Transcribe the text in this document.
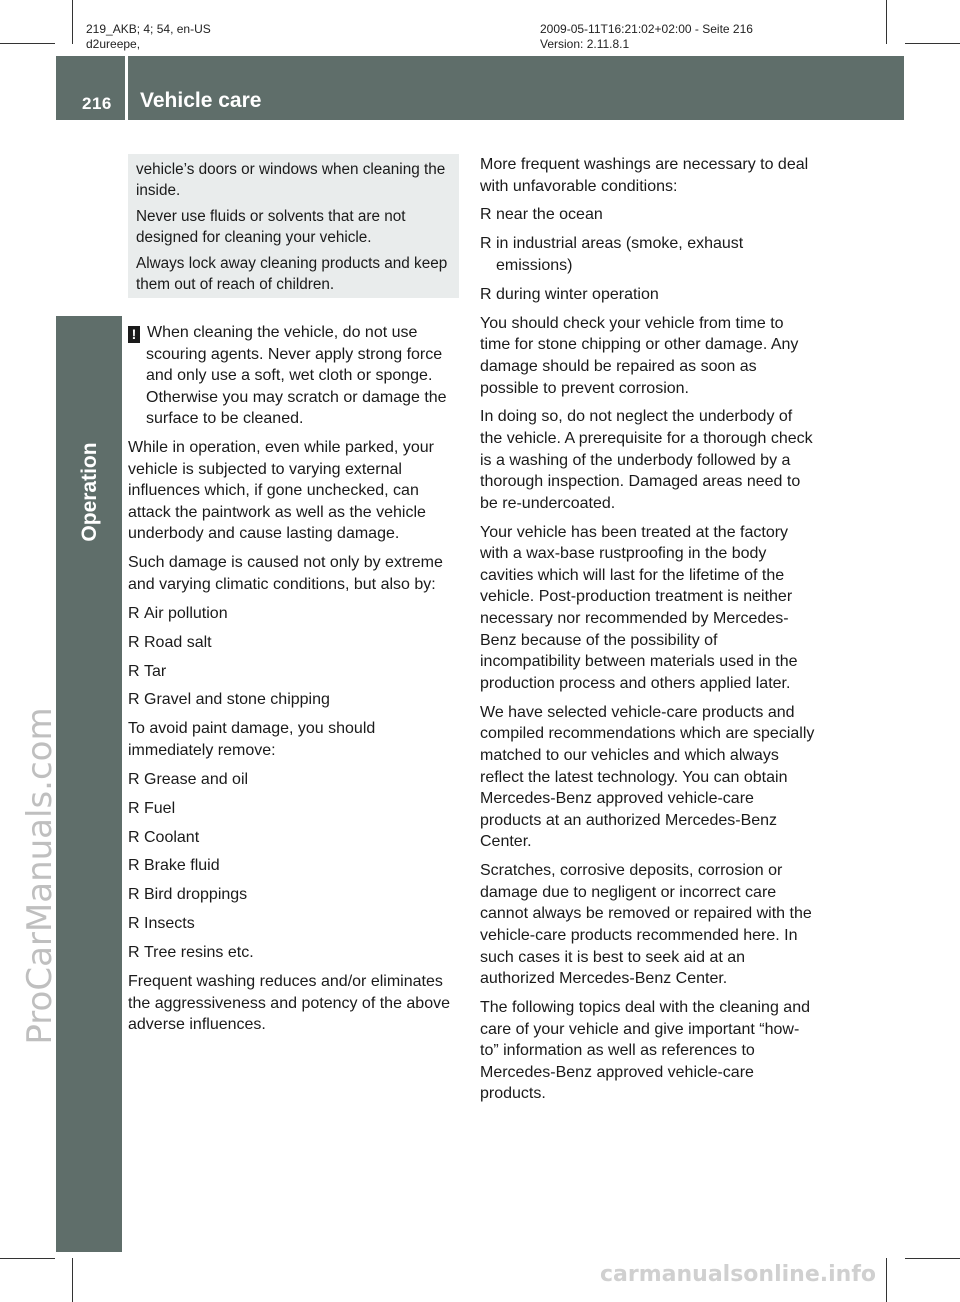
219_AKB; 4; 54, en-US
d2ureepe,
2009-05-11T16:21:02+02:00 - Seite 216
Version: 2.11.8.1
216 Vehicle care
Operation
ProCarManuals.com
carmanualsonline.info

vehicle’s doors or windows when cleaning the inside.

Never use fluids or solvents that are not designed for cleaning your vehicle.

Always lock away cleaning products and keep them out of reach of children.

! When cleaning the vehicle, do not use
scouring agents. Never apply strong force and only use a soft, wet cloth or sponge. Otherwise you may scratch or damage the surface to be cleaned.

While in operation, even while parked, your vehicle is subjected to varying external influences which, if gone unchecked, can attack the paintwork as well as the vehicle underbody and cause lasting damage.

Such damage is caused not only by extreme and varying climatic conditions, but also by:

R Air pollution
R Road salt
R Tar
R Gravel and stone chipping

To avoid paint damage, you should immediately remove:

R Grease and oil
R Fuel
R Coolant
R Brake fluid
R Bird droppings
R Insects
R Tree resins etc.

Frequent washing reduces and/or eliminates the aggressiveness and potency of the above adverse influences.

More frequent washings are necessary to deal with unfavorable conditions:

R near the ocean
R in industrial areas (smoke, exhaust emissions)
R during winter operation

You should check your vehicle from time to time for stone chipping or other damage. Any damage should be repaired as soon as possible to prevent corrosion.

In doing so, do not neglect the underbody of the vehicle. A prerequisite for a thorough check is a washing of the underbody followed by a thorough inspection. Damaged areas need to be re-undercoated.

Your vehicle has been treated at the factory with a wax-base rustproofing in the body cavities which will last for the lifetime of the vehicle. Post-production treatment is neither necessary nor recommended by Mercedes-Benz because of the possibility of incompatibility between materials used in the production process and others applied later.

We have selected vehicle-care products and compiled recommendations which are specially matched to our vehicles and which always reflect the latest technology. You can obtain Mercedes-Benz approved vehicle-care products at an authorized Mercedes-Benz Center.

Scratches, corrosive deposits, corrosion or damage due to negligent or incorrect care cannot always be removed or repaired with the vehicle-care products recommended here. In such cases it is best to seek aid at an authorized Mercedes-Benz Center.

The following topics deal with the cleaning and care of your vehicle and give important “how-to” information as well as references to Mercedes-Benz approved vehicle-care products.
